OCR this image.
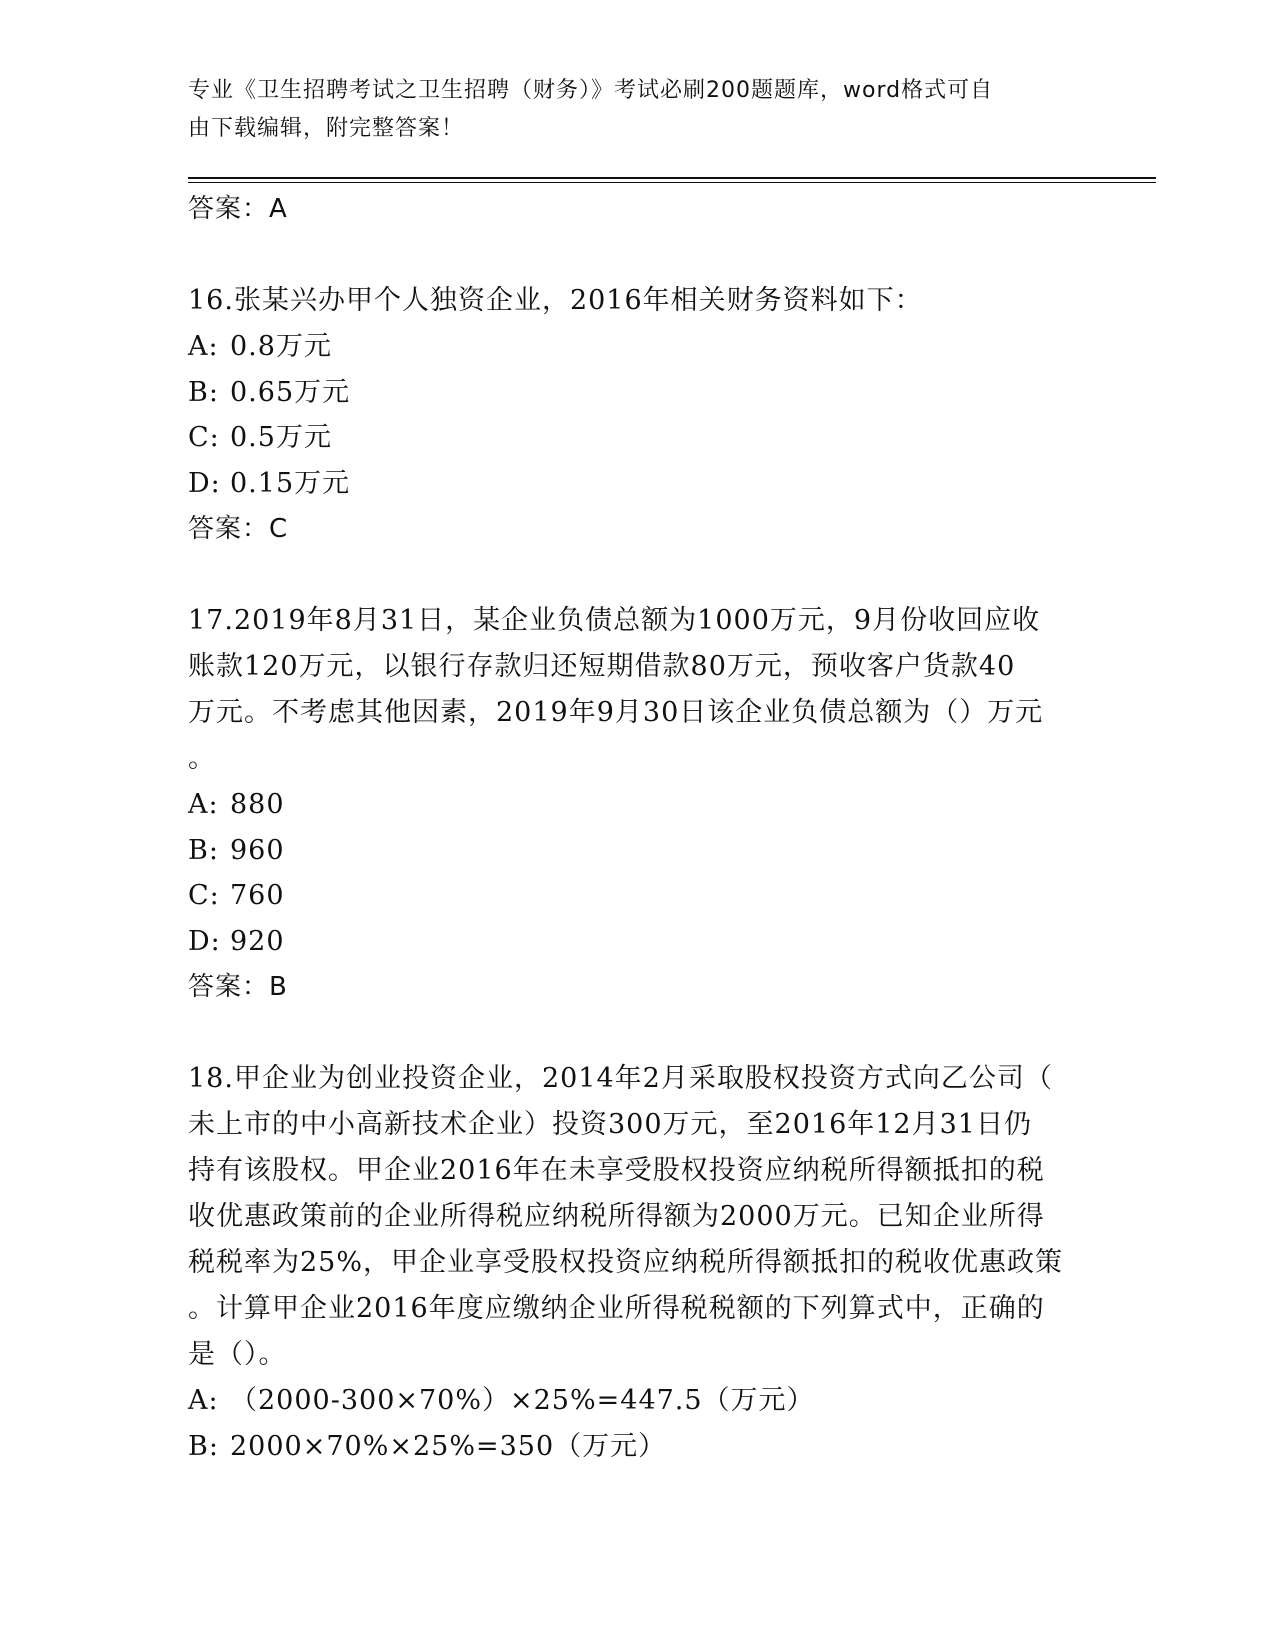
专业《卫生招聘考试之卫生招聘（财务）》考试必刷200题题库，word格式可自
由下载编辑，附完整答案！
答案：A
16.张某兴办甲个人独资企业，2016年相关财务资料如下：
A: 0.8万元
B: 0.65万元
C: 0.5万元
D: 0.15万元
答案：C
17.2019年8月31日，某企业负债总额为1000万元，9月份收回应收
账款120万元，以银行存款归还短期借款80万元，预收客户货款40
万元。不考虑其他因素，2019年9月30日该企业负债总额为（）万元
。
A: 880
B: 960
C: 760
D: 920
答案：B
18.甲企业为创业投资企业，2014年2月采取股权投资方式向乙公司（
未上市的中小高新技术企业）投资300万元，至2016年12月31日仍
持有该股权。甲企业2016年在未享受股权投资应纳税所得额抵扣的税
收优惠政策前的企业所得税应纳税所得额为2000万元。已知企业所得
税税率为25%，甲企业享受股权投资应纳税所得额抵扣的税收优惠政策
。计算甲企业2016年度应缴纳企业所得税税额的下列算式中，正确的
是（）。
A: （2000-300×70%）×25%=447.5（万元）
B: 2000×70%×25%=350（万元）
